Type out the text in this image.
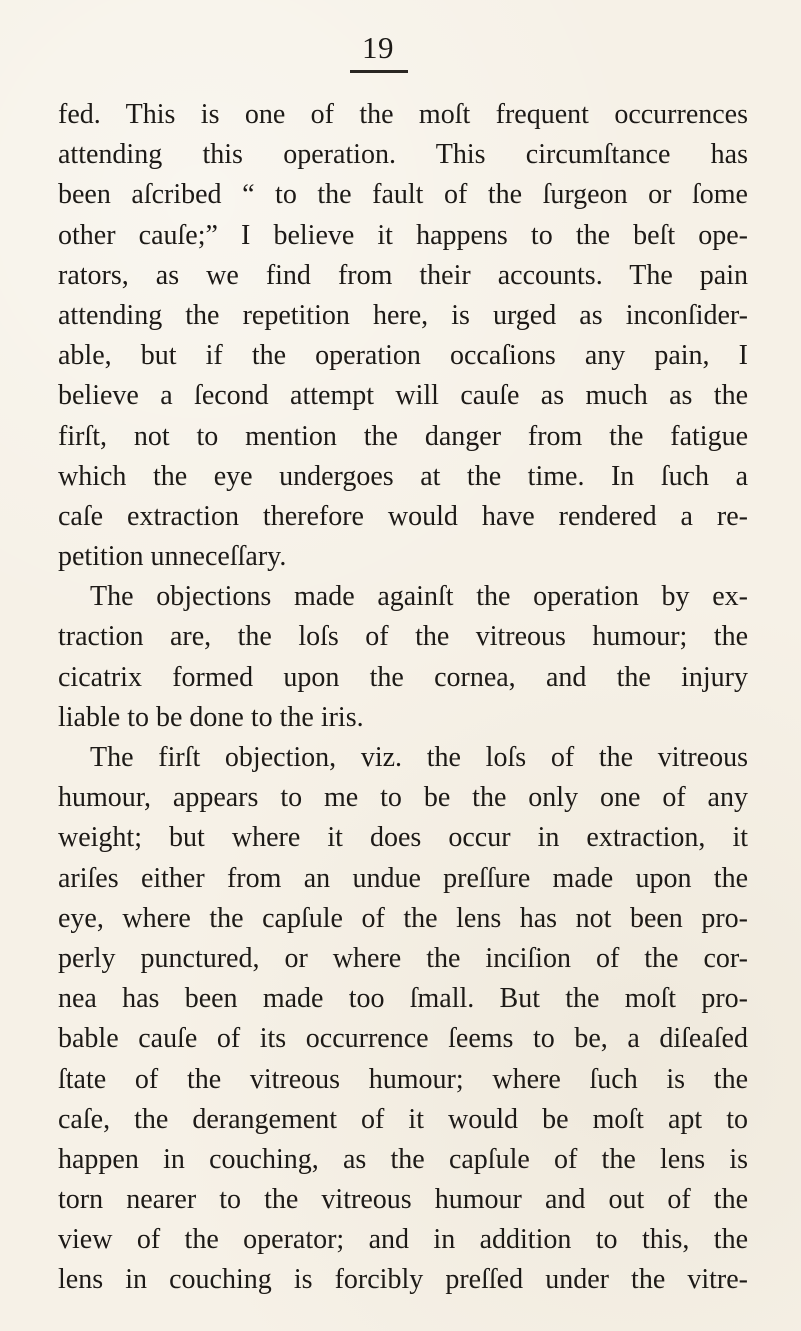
19
fed. This is one of the moſt frequent occurrences
attending this operation. This circumſtance has
been aſcribed “ to the fault of the ſurgeon or ſome
other cauſe;” I believe it happens to the beſt ope-
rators, as we find from their accounts. The pain
attending the repetition here, is urged as inconſider-
able, but if the operation occaſions any pain, I
believe a ſecond attempt will cauſe as much as the
firſt, not to mention the danger from the fatigue
which the eye undergoes at the time. In ſuch a
caſe extraction therefore would have rendered a re-
petition unneceſſary.
The objections made againſt the operation by ex-
traction are, the loſs of the vitreous humour; the
cicatrix formed upon the cornea, and the injury
liable to be done to the iris.
The firſt objection, viz. the loſs of the vitreous
humour, appears to me to be the only one of any
weight; but where it does occur in extraction, it
ariſes either from an undue preſſure made upon the
eye, where the capſule of the lens has not been pro-
perly punctured, or where the inciſion of the cor-
nea has been made too ſmall. But the moſt pro-
bable cauſe of its occurrence ſeems to be, a diſeaſed
ſtate of the vitreous humour; where ſuch is the
caſe, the derangement of it would be moſt apt to
happen in couching, as the capſule of the lens is
torn nearer to the vitreous humour and out of the
view of the operator; and in addition to this, the
lens in couching is forcibly preſſed under the vitre-
